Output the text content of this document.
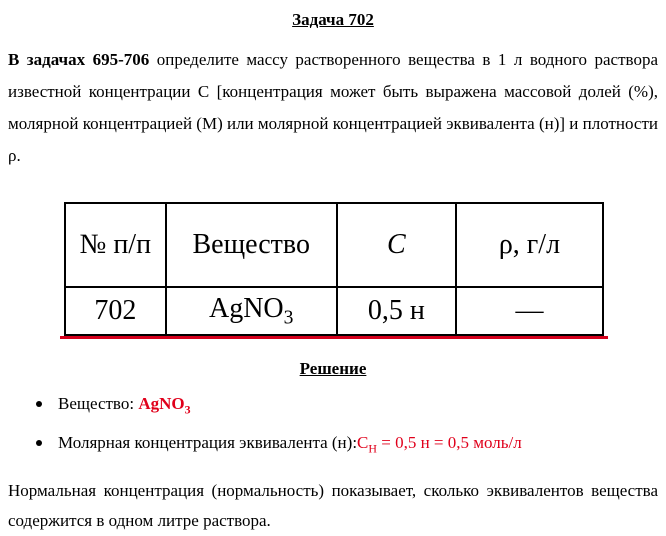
Задача 702

В задачах 695-706 определите массу растворенного вещества в 1 л водного раствора известной концентрации С [концентрация может быть выражена массовой долей (%), молярной концентрацией (М) или молярной концентрацией эквивалента (н)] и плотности ρ.

№ п/п	Вещество	C	ρ, г/л
702	AgNO$_3$	0,5 н	—

Решение

Вещество: AgNO$_3$
Молярная концентрация эквивалента $(н):C_Н = 0,5$ н = 0,5 моль/л

Нормальная концентрация (нормальность) показывает, сколько эквивалентов вещества содержится в одном литре раствора.
